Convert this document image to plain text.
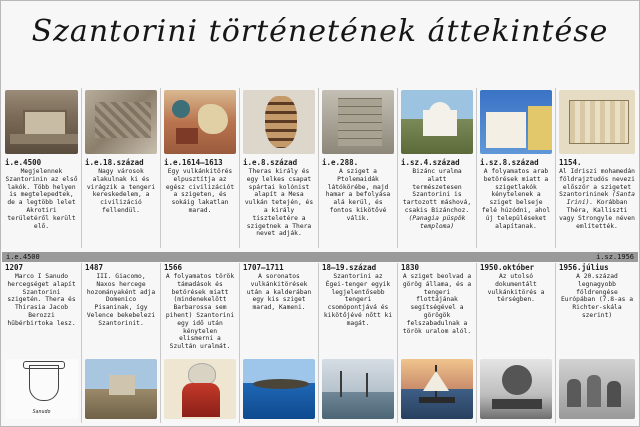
Szantorini történetének áttekintése
i.e.4500
Megjelennek Szantorinin az első lakók. Több helyen is megtelepedtek, de a legtöbb lelet Akrotiri területéről került elő.
i.e.18.század
Nagy városok alakulnak ki és virágzik a tengeri kereskedelem, a civilizáció fellendül.
i.e.1614–1613
Egy vulkánkitörés elpusztítja az egész civilizációt a szigeten, és sokáig lakatlan marad.
i.e.8.század
Theras király és egy lelkes csapat spártai kolónist alapít a Mesa vulkán tetején, és a király tiszteletére a szigetnek a Thera nevet adják.
i.e.288.
A sziget a Ptolemaidák látókörébe, majd hamar a befolyása alá kerül, és fontos kikötővé válik.
i.sz.4.század
Bizánc uralma alatt természetesen Szantorini is tartozott máshová, csakis Bizánchoz. (Panagia püspök temploma)
i.sz.8.század
A folyamatos arab betörések miatt a szigetlakók kénytelenek a sziget belseje felé húzódni, ahol új településeket alapítanak.
1154.
Al Idriszi mohamedán földrajztudós nevezi először a szigetet Szantorininek (Santa Irini). Korábban Théra, Kalliszti vagy Strongyle néven említették.
i.e.4500	i.sz.1956
1207
Marco I Sanudo hercegséget alapít Szantorini szigetén. Thera és Thirasia Jacob Berozzi hűbérbirtoka lesz.
Sanudo
1487
III. Giacomo, Naxos hercege hozományaként adja Domenico Pisaninak, így Velence bekebelezi Szantorinit.
1566
A folyamatos török támadások és betörések miatt (mindenekelőtt Barbarossa sem pihent) Szantorini egy idő után kénytelen elismerni a Szultán uralmát.
1707–1711
A soronatos vulkánkitörések után a kalderában egy kis sziget marad, Kameni.
18–19.század
Szantorini az Égei-tenger egyik legjelentősebb tengeri csomópontjává és kikötőjévé nőtt ki magát.
1830
A sziget beolvad a görög állama, és a tengeri flottájának segítségével a görögök felszabadulnak a török uralom alól.
1950.október
Az utolsó dokumentált vulkánkitörés a térségben.
1956.július
A 20.század legnagyobb földrengése Európában (7.8-as a Richter-skála szerint)
